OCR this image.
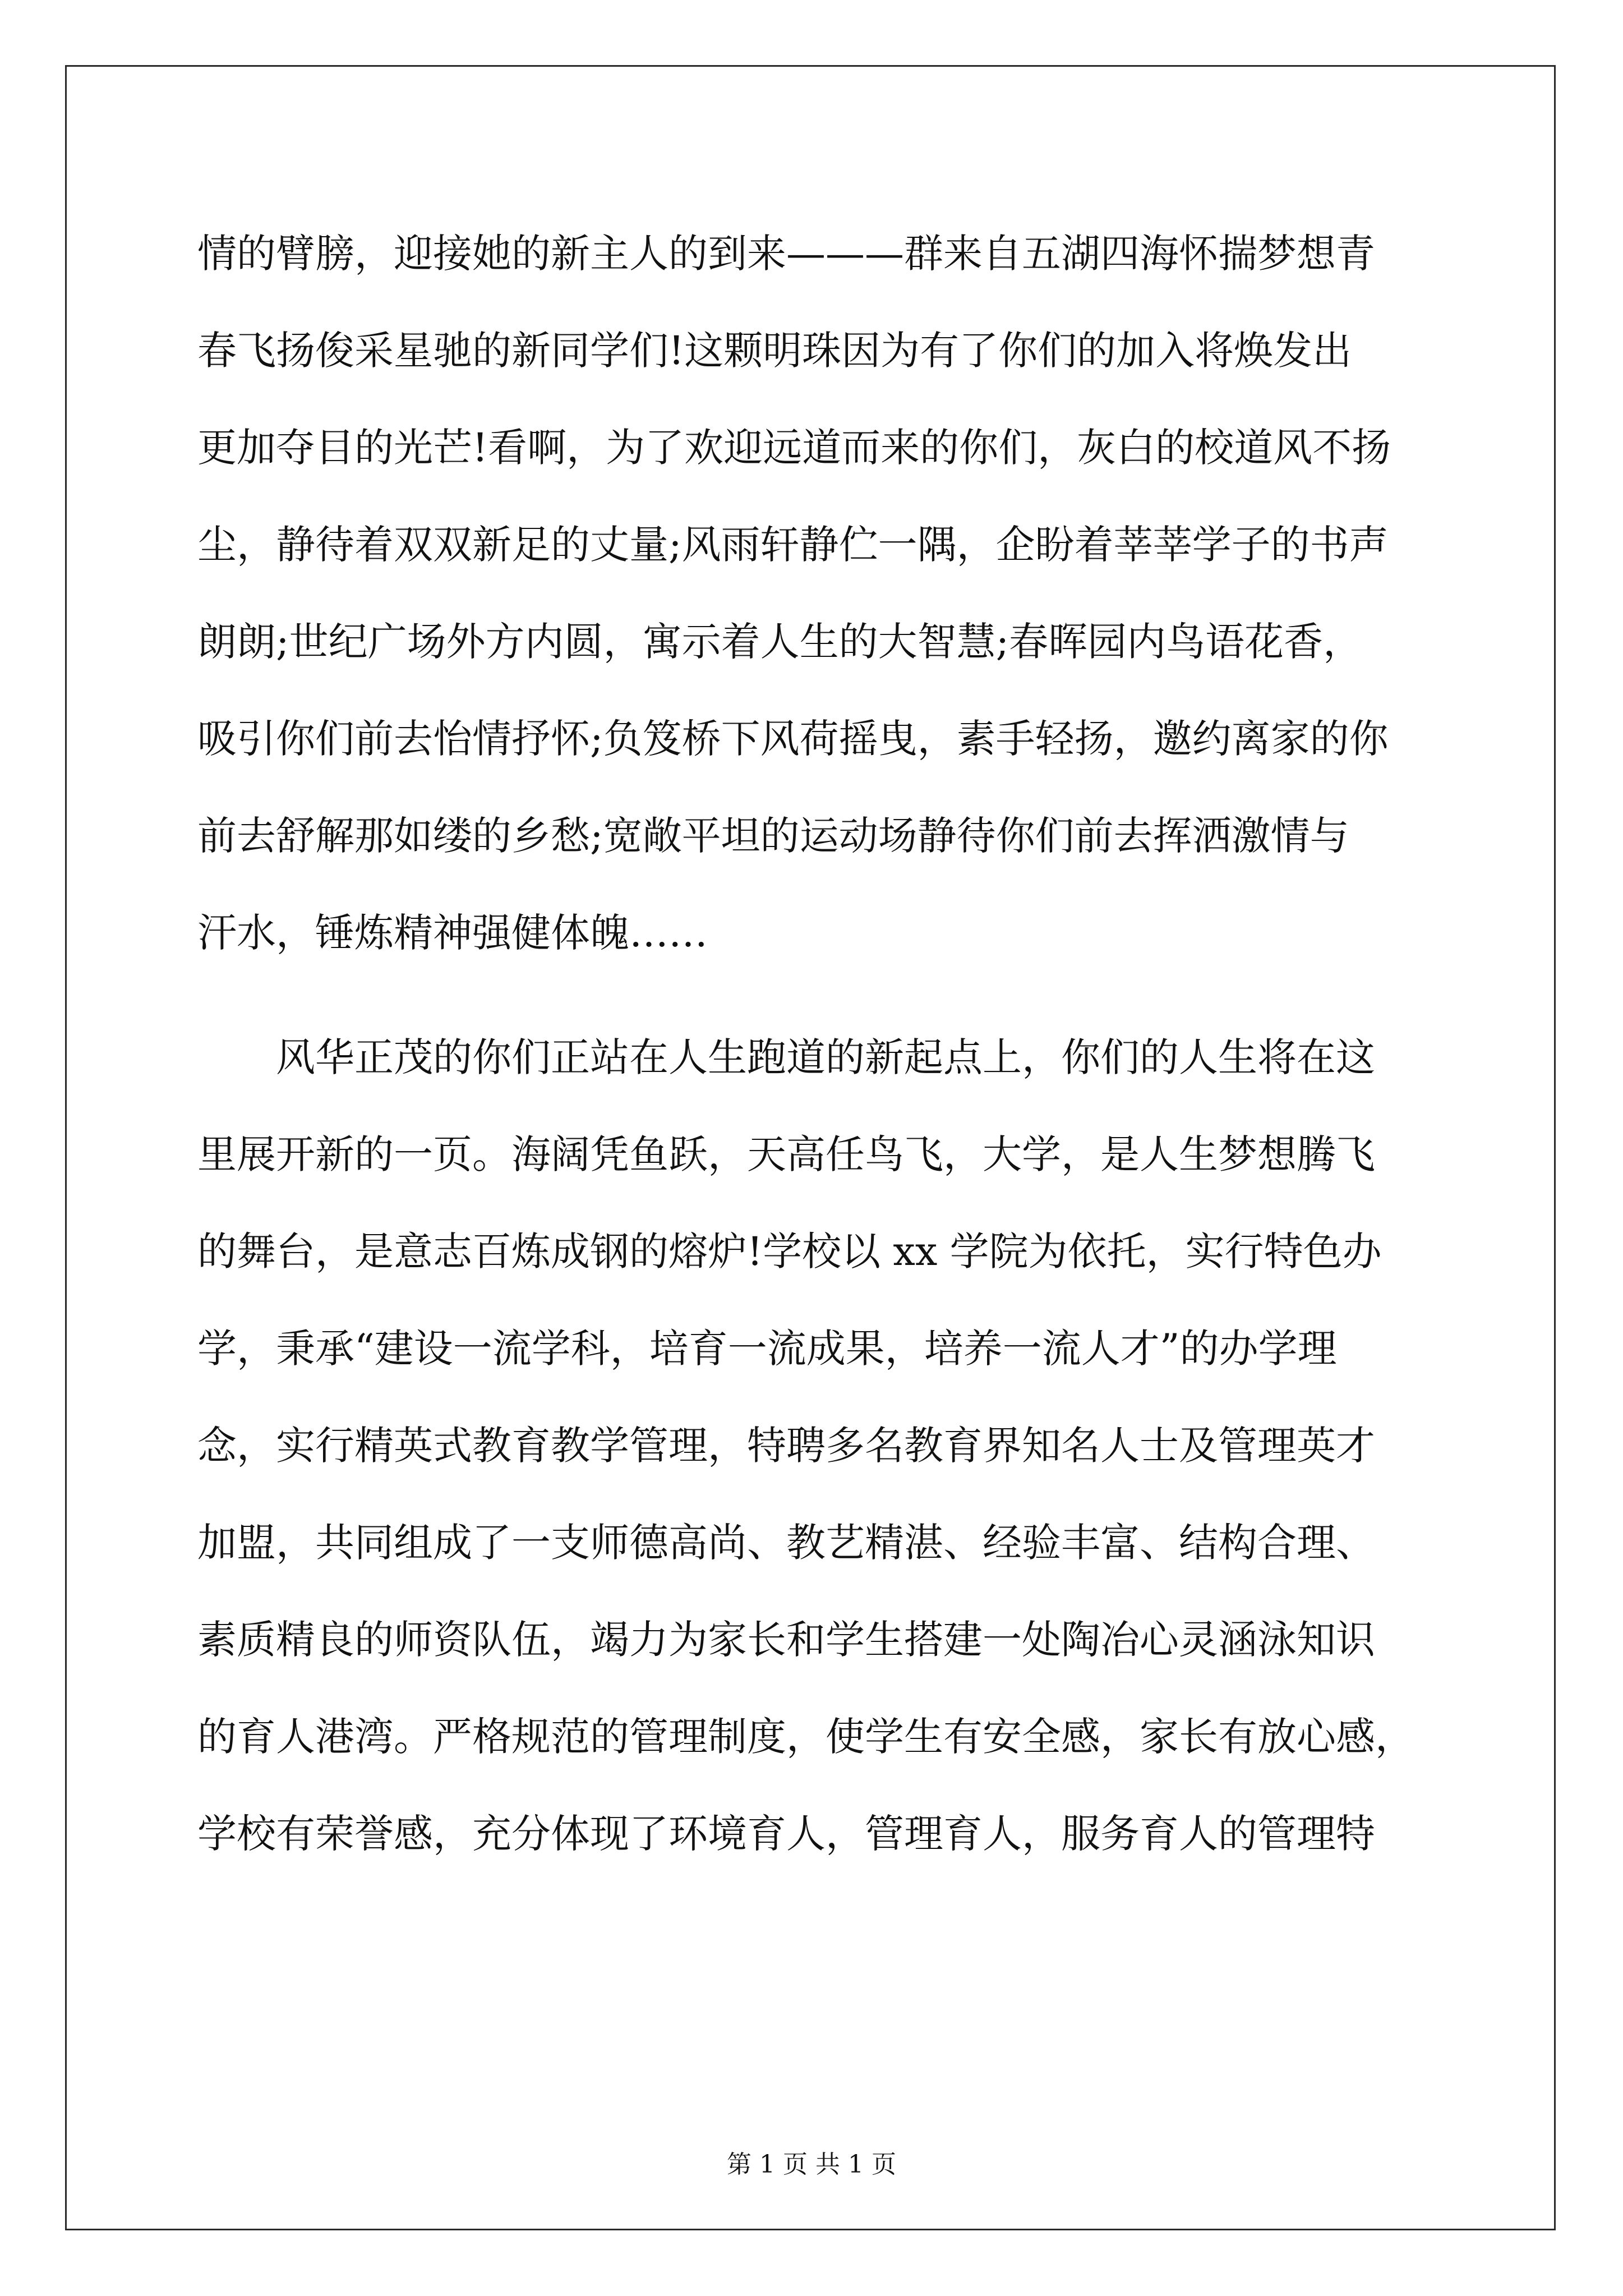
情的臂膀，迎接她的新主人的到来———群来自五湖四海怀揣梦想青
春飞扬俊采星驰的新同学们!这颗明珠因为有了你们的加入将焕发出
更加夺目的光芒!看啊，为了欢迎远道而来的你们，灰白的校道风不扬
尘，静待着双双新足的丈量;风雨轩静伫一隅，企盼着莘莘学子的书声
朗朗;世纪广场外方内圆，寓示着人生的大智慧;春晖园内鸟语花香，
吸引你们前去怡情抒怀;负笈桥下风荷摇曳，素手轻扬，邀约离家的你
前去舒解那如缕的乡愁;宽敞平坦的运动场静待你们前去挥洒激情与
汗水，锤炼精神强健体魄……
风华正茂的你们正站在人生跑道的新起点上，你们的人生将在这
里展开新的一页。海阔凭鱼跃，天高任鸟飞，大学，是人生梦想腾飞
的舞台，是意志百炼成钢的熔炉!学校以 xx 学院为依托，实行特色办
学，秉承“建设一流学科，培育一流成果，培养一流人才”的办学理
念，实行精英式教育教学管理，特聘多名教育界知名人士及管理英才
加盟，共同组成了一支师德高尚、教艺精湛、经验丰富、结构合理、
素质精良的师资队伍，竭力为家长和学生搭建一处陶冶心灵涵泳知识
的育人港湾。严格规范的管理制度，使学生有安全感，家长有放心感，
学校有荣誉感，充分体现了环境育人，管理育人，服务育人的管理特
第 1 页 共 1 页
